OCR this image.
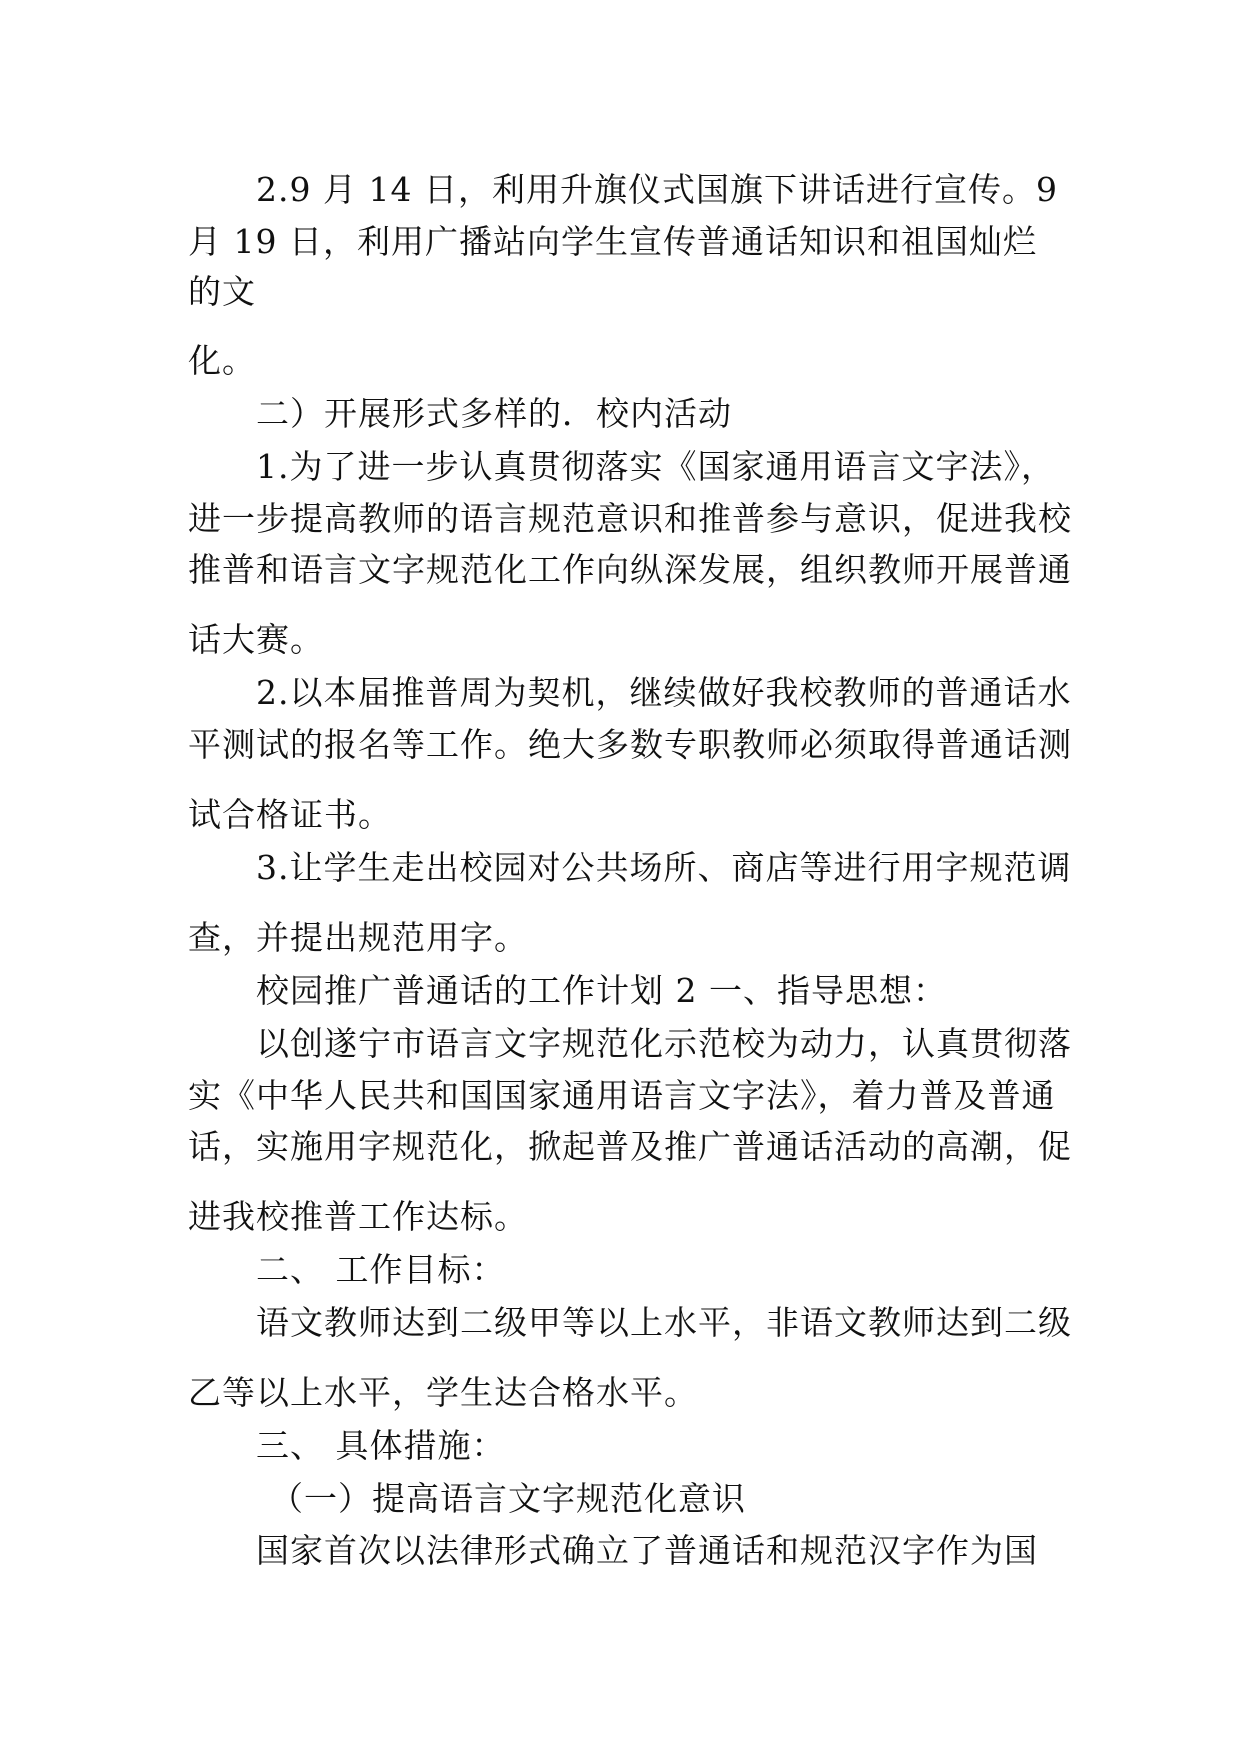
2.9 月 14 日，利用升旗仪式国旗下讲话进行宣传。9
月 19 日，利用广播站向学生宣传普通话知识和祖国灿烂
的文
化。
二）开展形式多样的．校内活动
1.为了进一步认真贯彻落实《国家通用语言文字法》，
进一步提高教师的语言规范意识和推普参与意识，促进我校
推普和语言文字规范化工作向纵深发展，组织教师开展普通
话大赛。
2.以本届推普周为契机，继续做好我校教师的普通话水
平测试的报名等工作。绝大多数专职教师必须取得普通话测
试合格证书。
3.让学生走出校园对公共场所、商店等进行用字规范调
查，并提出规范用字。
校园推广普通话的工作计划 2 一、指导思想：
以创遂宁市语言文字规范化示范校为动力，认真贯彻落
实《中华人民共和国国家通用语言文字法》，着力普及普通
话，实施用字规范化，掀起普及推广普通话活动的高潮，促
进我校推普工作达标。
二、 工作目标：
语文教师达到二级甲等以上水平，非语文教师达到二级
乙等以上水平，学生达合格水平。
三、 具体措施：
（一）提高语言文字规范化意识
国家首次以法律形式确立了普通话和规范汉字作为国
